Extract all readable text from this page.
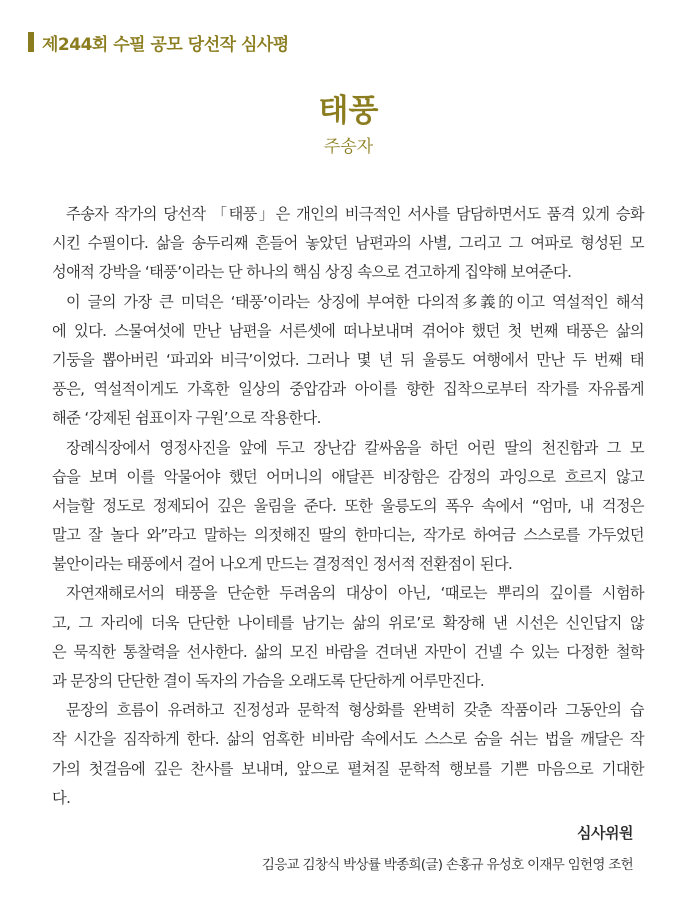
제244회 수필 공모 당선작 심사평
태풍
주송자
주송자 작가의 당선작 「태풍」은 개인의 비극적인 서사를 담담하면서도 품격 있게 승화
시킨 수필이다. 삶을 송두리째 흔들어 놓았던 남편과의 사별, 그리고 그 여파로 형성된 모
성애적 강박을 ‘태풍’이라는 단 하나의 핵심 상징 속으로 견고하게 집약해 보여준다.
이 글의 가장 큰 미덕은 ‘태풍’이라는 상징에 부여한 다의적多義的이고 역설적인 해석
에 있다. 스물여섯에 만난 남편을 서른셋에 떠나보내며 겪어야 했던 첫 번째 태풍은 삶의
기둥을 뽑아버린 ‘파괴와 비극’이었다. 그러나 몇 년 뒤 울릉도 여행에서 만난 두 번째 태
풍은, 역설적이게도 가혹한 일상의 중압감과 아이를 향한 집착으로부터 작가를 자유롭게
해준 ‘강제된 쉼표이자 구원’으로 작용한다.
장례식장에서 영정사진을 앞에 두고 장난감 칼싸움을 하던 어린 딸의 천진함과 그 모
습을 보며 이를 악물어야 했던 어머니의 애달픈 비장함은 감정의 과잉으로 흐르지 않고
서늘할 정도로 정제되어 깊은 울림을 준다. 또한 울릉도의 폭우 속에서 “엄마, 내 걱정은
말고 잘 놀다 와”라고 말하는 의젓해진 딸의 한마디는, 작가로 하여금 스스로를 가두었던
불안이라는 태풍에서 걸어 나오게 만드는 결정적인 정서적 전환점이 된다.
자연재해로서의 태풍을 단순한 두려움의 대상이 아닌, ‘때로는 뿌리의 깊이를 시험하
고, 그 자리에 더욱 단단한 나이테를 남기는 삶의 위로’로 확장해 낸 시선은 신인답지 않
은 묵직한 통찰력을 선사한다. 삶의 모진 바람을 견뎌낸 자만이 건넬 수 있는 다정한 철학
과 문장의 단단한 결이 독자의 가슴을 오래도록 단단하게 어루만진다.
문장의 흐름이 유려하고 진정성과 문학적 형상화를 완벽히 갖춘 작품이라 그동안의 습
작 시간을 짐작하게 한다. 삶의 엄혹한 비바람 속에서도 스스로 숨을 쉬는 법을 깨달은 작
가의 첫걸음에 깊은 찬사를 보내며, 앞으로 펼쳐질 문학적 행보를 기쁜 마음으로 기대한
다.
심사위원
김응교 김창식 박상률 박종희(글) 손홍규 유성호 이재무 임헌영 조헌
